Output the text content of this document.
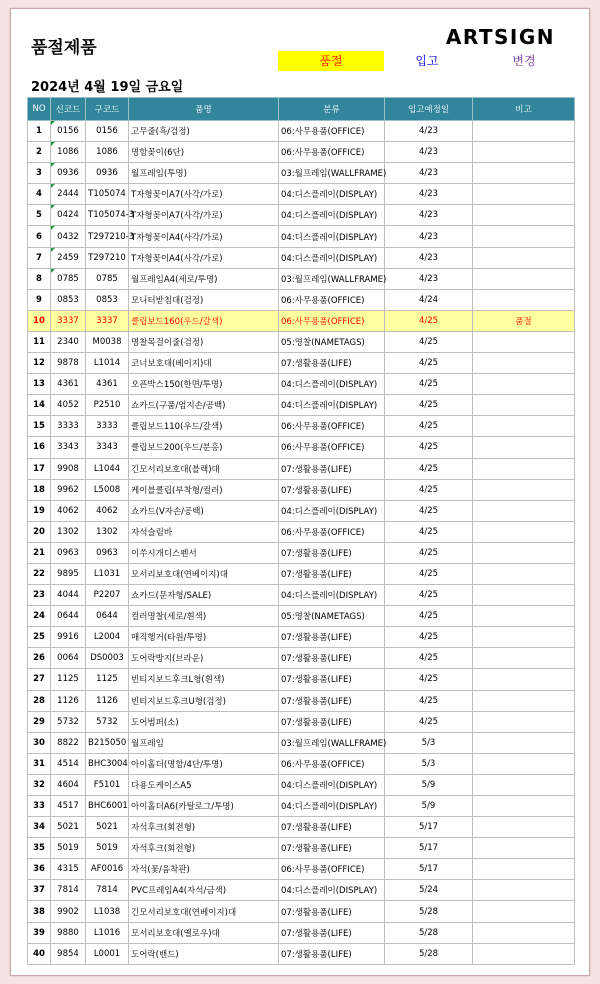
품절제품	ARTSIGN
품절	입고	변경
2024년 4월 19일 금요일
NO	신코드	구코드	품명	분류	입고예정일	비고
1	0156	0156	고무줄(흑/검정)	06:사무용품(OFFICE)	4/23	
2	1086	1086	명함꽂이(6단)	06:사무용품(OFFICE)	4/23	
3	0936	0936	월프레임(투명)	03:월프레임(WALLFRAME)	4/23	
4	2444	T105074	T자형꽂이A7(사각/가로)	04:디스플레이(DISPLAY)	4/23	
5	0424	T105074-3	T자형꽂이A7(사각/가로)	04:디스플레이(DISPLAY)	4/23	
6	0432	T297210-3	T자형꽂이A4(사각/가로)	04:디스플레이(DISPLAY)	4/23	
7	2459	T297210	T자형꽂이A4(사각/가로)	04:디스플레이(DISPLAY)	4/23	
8	0785	0785	월프레임A4(세로/투명)	03:월프레임(WALLFRAME)	4/23	
9	0853	0853	모니터받침대(검정)	06:사무용품(OFFICE)	4/24	
10	3337	3337	클립보드160(우드/갈색)	06:사무용품(OFFICE)	4/25	품절
11	2340	M0038	명찰목걸이줄(검정)	05:명찰(NAMETAGS)	4/25	
12	9878	L1014	코너보호대(베이지)대	07:생활용품(LIFE)	4/25	
13	4361	4361	오픈박스150(한면/투명)	04:디스플레이(DISPLAY)	4/25	
14	4052	P2510	쇼카드(구품/엄지손/공백)	04:디스플레이(DISPLAY)	4/25	
15	3333	3333	클립보드110(우드/갈색)	06:사무용품(OFFICE)	4/25	
16	3343	3343	클립보드200(우드/분홍)	06:사무용품(OFFICE)	4/25	
17	9908	L1044	긴모서리보호대(블랙)대	07:생활용품(LIFE)	4/25	
18	9962	L5008	케이블클립(부착형/컬러)	07:생활용품(LIFE)	4/25	
19	4062	4062	쇼카드(V자손/공백)	04:디스플레이(DISPLAY)	4/25	
20	1302	1302	자석슬림바	06:사무용품(OFFICE)	4/25	
21	0963	0963	이쑤시개디스펜서	07:생활용품(LIFE)	4/25	
22	9895	L1031	모서리보호대(연베이지)대	07:생활용품(LIFE)	4/25	
23	4044	P2207	쇼카드(문자형/SALE)	04:디스플레이(DISPLAY)	4/25	
24	0644	0644	컬러명찰(세로/흰색)	05:명찰(NAMETAGS)	4/25	
25	9916	L2004	매직행거(타원/투명)	07:생활용품(LIFE)	4/25	
26	0064	DS0003	도어락방지(브라운)	07:생활용품(LIFE)	4/25	
27	1125	1125	빈티지보드후크L형(흰색)	07:생활용품(LIFE)	4/25	
28	1126	1126	빈티지보드후크U형(검정)	07:생활용품(LIFE)	4/25	
29	5732	5732	도어범퍼(소)	07:생활용품(LIFE)	4/25	
30	8822	B215050	월프레임	03:월프레임(WALLFRAME)	5/3	
31	4514	BHC3004	아이홀더(명함/4단/투명)	06:사무용품(OFFICE)	5/3	
32	4604	F5101	다용도케이스A5	04:디스플레이(DISPLAY)	5/9	
33	4517	BHC6001	아이홀더A6(카탈로그/투명)	04:디스플레이(DISPLAY)	5/9	
34	5021	5021	자석후크(회전형)	07:생활용품(LIFE)	5/17	
35	5019	5019	자석후크(회전형)	07:생활용품(LIFE)	5/17	
36	4315	AF0016	자석(꽃/음착판)	06:사무용품(OFFICE)	5/17	
37	7814	7814	PVC프레임A4(자석/금색)	04:디스플레이(DISPLAY)	5/24	
38	9902	L1038	긴모서리보호대(연베이지)대	07:생활용품(LIFE)	5/28	
39	9880	L1016	모서리보호대(옐로우)대	07:생활용품(LIFE)	5/28	
40	9854	L0001	도어락(밴드)	07:생활용품(LIFE)	5/28	
